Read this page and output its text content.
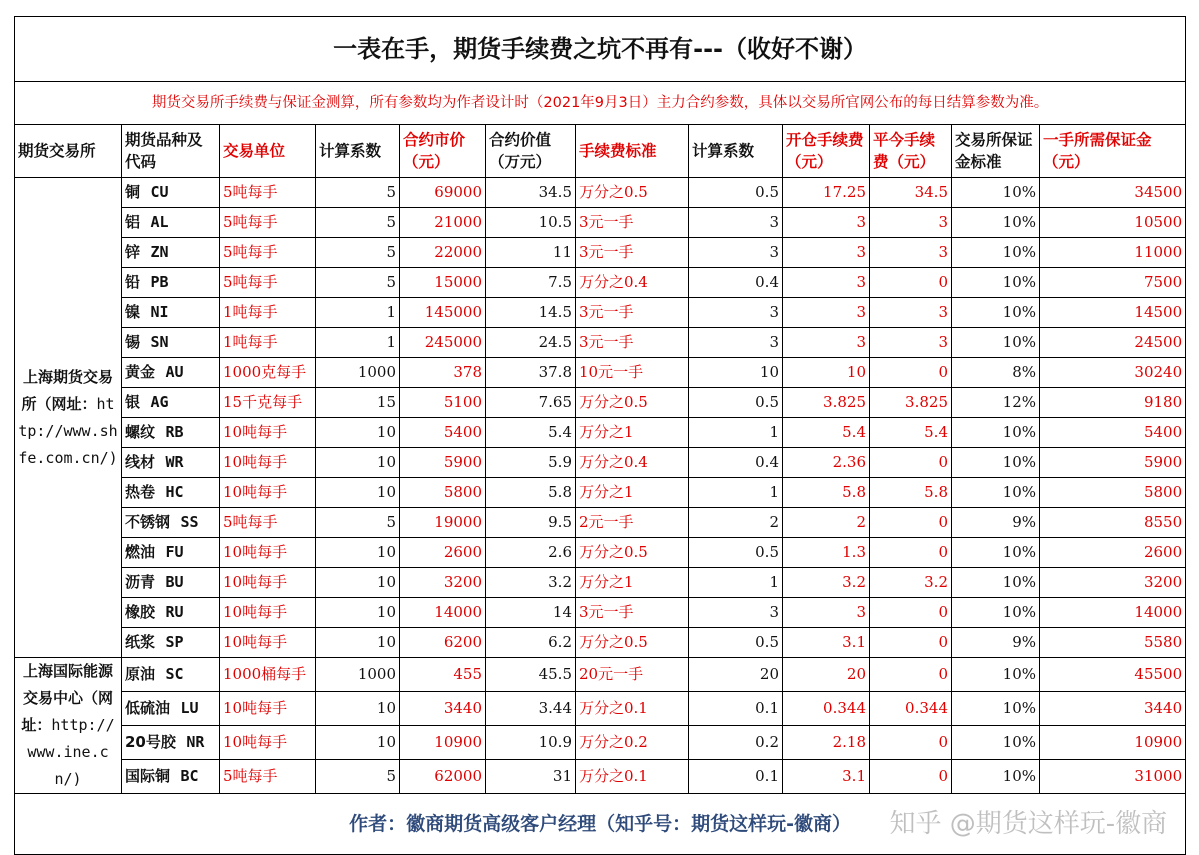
一表在手，期货手续费之坑不再有---（收好不谢）											
期货交易所手续费与保证金测算，所有参数均为作者设计时（2021年9月3日）主力合约参数，具体以交易所官网公布的每日结算参数为准。											
期货交易所	期货品种及代码	交易单位	计算系数	合约市价（元）	合约价值（万元）	手续费标准	计算系数	开仓手续费（元）	平今手续费（元）	交易所保证金标准	一手所需保证金（元）
上海期货交易所（网址：http://www.shfe.com.cn/)	铜 CU	5吨每手	5	69000	34.5	万分之0.5	0.5	17.25	34.5	10%	34500
	铝 AL	5吨每手	5	21000	10.5	3元一手	3	3	3	10%	10500
	锌 ZN	5吨每手	5	22000	11	3元一手	3	3	3	10%	11000
	铅 PB	5吨每手	5	15000	7.5	万分之0.4	0.4	3	0	10%	7500
	镍 NI	1吨每手	1	145000	14.5	3元一手	3	3	3	10%	14500
	锡 SN	1吨每手	1	245000	24.5	3元一手	3	3	3	10%	24500
	黄金 AU	1000克每手	1000	378	37.8	10元一手	10	10	0	8%	30240
	银 AG	15千克每手	15	5100	7.65	万分之0.5	0.5	3.825	3.825	12%	9180
	螺纹 RB	10吨每手	10	5400	5.4	万分之1	1	5.4	5.4	10%	5400
	线材 WR	10吨每手	10	5900	5.9	万分之0.4	0.4	2.36	0	10%	5900
	热卷 HC	10吨每手	10	5800	5.8	万分之1	1	5.8	5.8	10%	5800
	不锈钢 SS	5吨每手	5	19000	9.5	2元一手	2	2	0	9%	8550
	燃油 FU	10吨每手	10	2600	2.6	万分之0.5	0.5	1.3	0	10%	2600
	沥青 BU	10吨每手	10	3200	3.2	万分之1	1	3.2	3.2	10%	3200
	橡胶 RU	10吨每手	10	14000	14	3元一手	3	3	0	10%	14000
	纸浆 SP	10吨每手	10	6200	6.2	万分之0.5	0.5	3.1	0	9%	5580
上海国际能源交易中心（网址：http://www.ine.cn/)	原油 SC	1000桶每手	1000	455	45.5	20元一手	20	20	0	10%	45500
	低硫油 LU	10吨每手	10	3440	3.44	万分之0.1	0.1	0.344	0.344	10%	3440
	20号胶 NR	10吨每手	10	10900	10.9	万分之0.2	0.2	2.18	0	10%	10900
	国际铜 BC	5吨每手	5	62000	31	万分之0.1	0.1	3.1	0	10%	31000
作者：徽商期货高级客户经理（知乎号：期货这样玩-徽商） 知乎 @期货这样玩-徽商											
